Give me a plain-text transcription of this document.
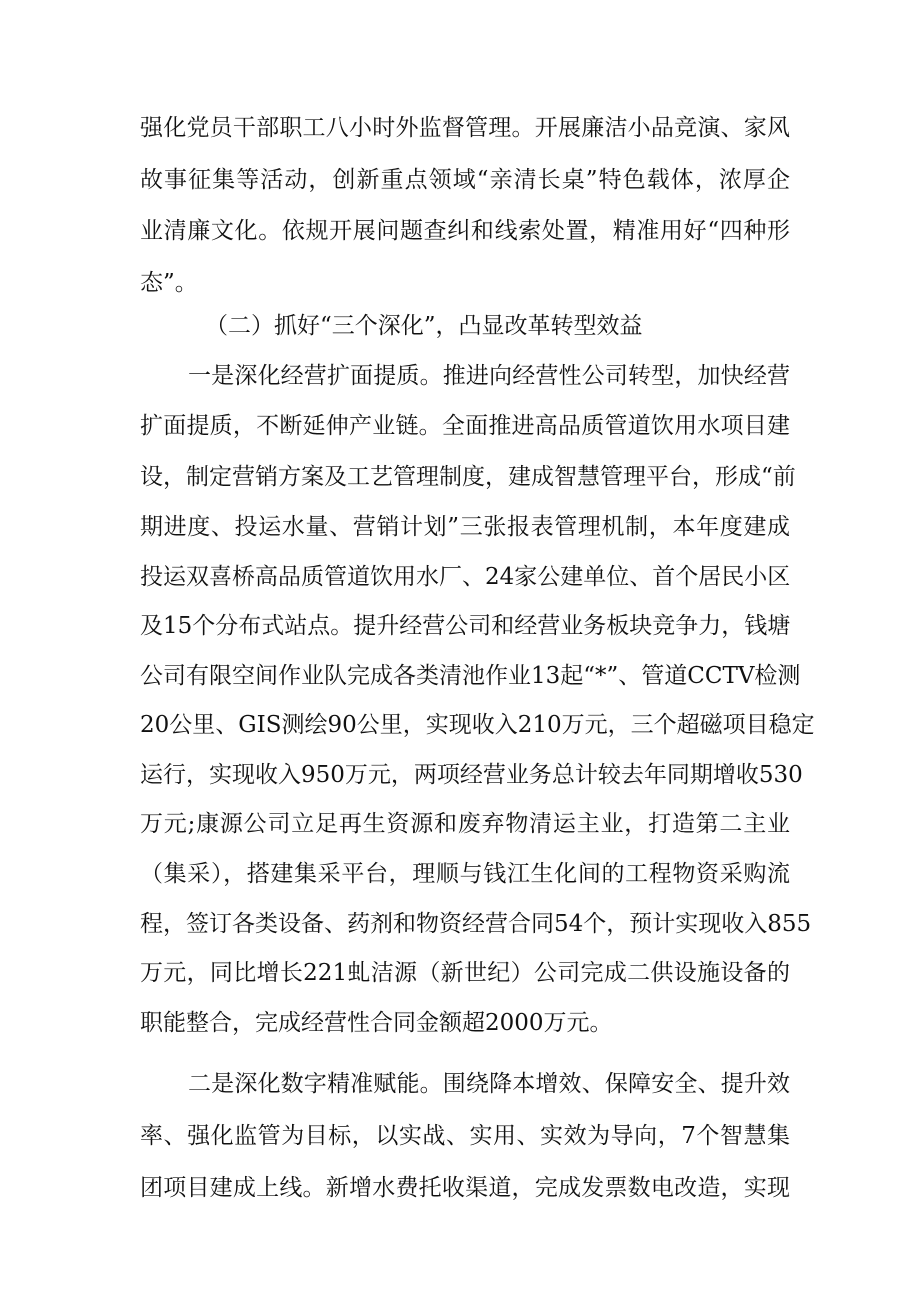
强化党员干部职工八小时外监督管理。开展廉洁小品竞演、家风
故事征集等活动，创新重点领域“亲清长桌”特色载体，浓厚企
业清廉文化。依规开展问题查纠和线索处置，精准用好“四种形
态”。
（二）抓好“三个深化”，凸显改革转型效益
一是深化经营扩面提质。推进向经营性公司转型，加快经营
扩面提质，不断延伸产业链。全面推进高品质管道饮用水项目建
设，制定营销方案及工艺管理制度，建成智慧管理平台，形成“前
期进度、投运水量、营销计划”三张报表管理机制，本年度建成
投运双喜桥高品质管道饮用水厂、24家公建单位、首个居民小区
及15个分布式站点。提升经营公司和经营业务板块竞争力，钱塘
公司有限空间作业队完成各类清池作业13起“*”、管道CCTV检测
20公里、GIS测绘90公里，实现收入210万元，三个超磁项目稳定
运行，实现收入950万元，两项经营业务总计较去年同期增收530
万元;康源公司立足再生资源和废弃物清运主业，打造第二主业
（集采），搭建集采平台，理顺与钱江生化间的工程物资采购流
程，签订各类设备、药剂和物资经营合同54个，预计实现收入855
万元，同比增长221虬洁源（新世纪）公司完成二供设施设备的
职能整合，完成经营性合同金额超2000万元。
二是深化数字精准赋能。围绕降本增效、保障安全、提升效
率、强化监管为目标，以实战、实用、实效为导向，7个智慧集
团项目建成上线。新增水费托收渠道，完成发票数电改造，实现
